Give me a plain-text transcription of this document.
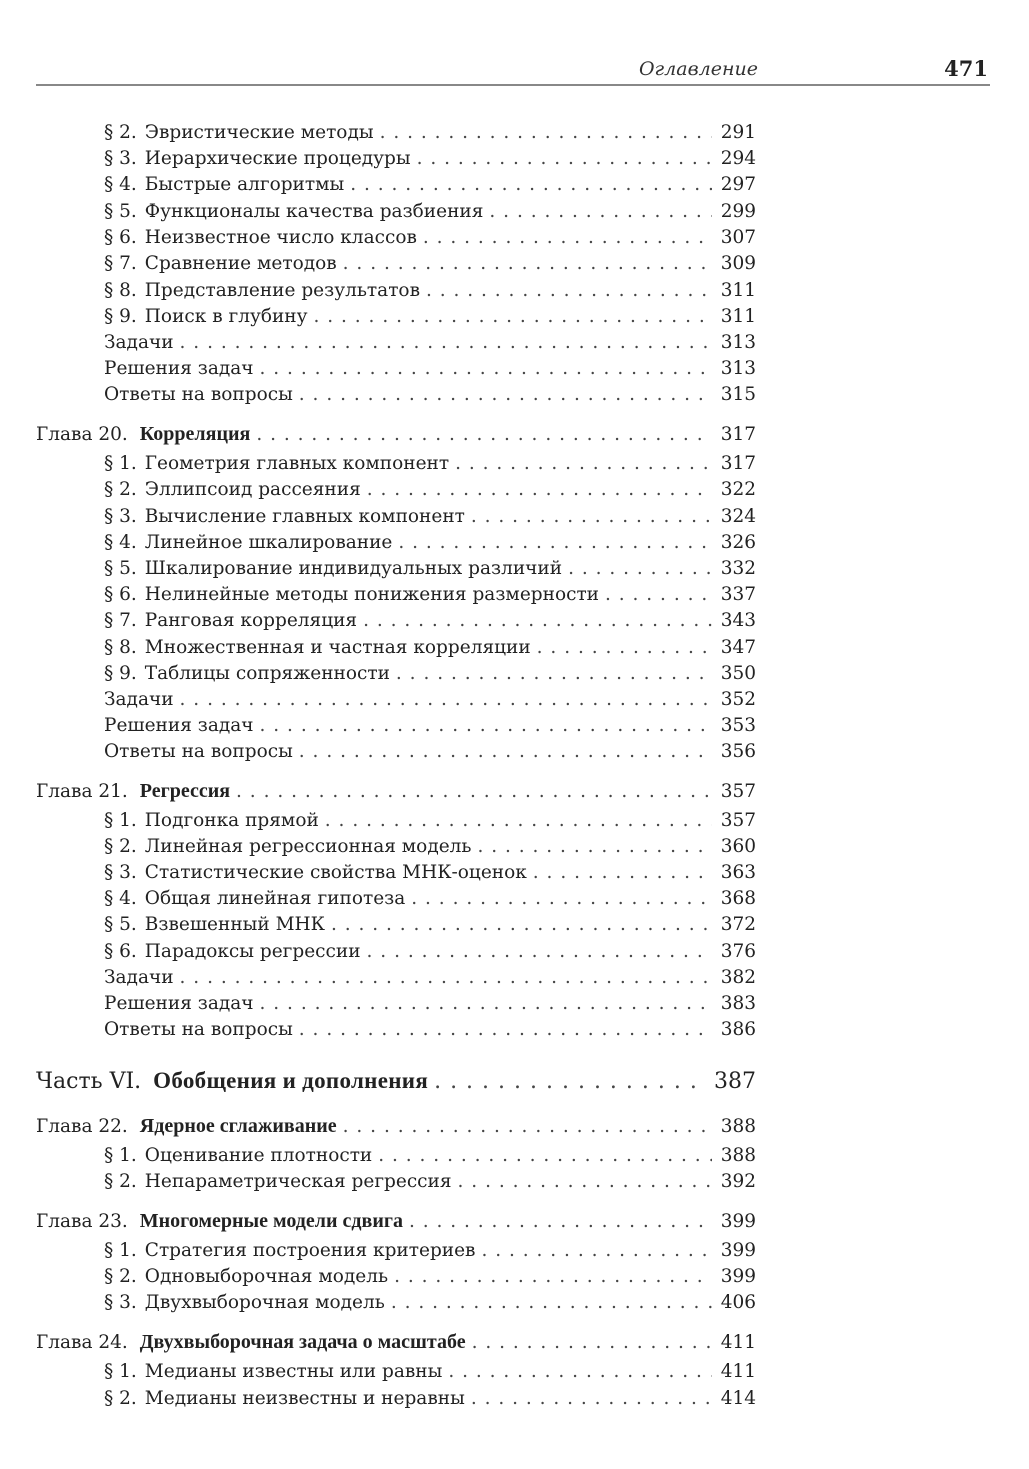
Оглавление	471
§ 2. Эвристические методы . . .	291
§ 3. Иерархические процедуры . . .	294
§ 4. Быстрые алгоритмы . . .	297
§ 5. Функционалы качества разбиения . . .	299
§ 6. Неизвестное число классов . . .	307
§ 7. Сравнение методов . . .	309
§ 8. Представление результатов . . .	311
§ 9. Поиск в глубину . . .	311
Задачи . . .	313
Решения задач . . .	313
Ответы на вопросы . . .	315
Глава 20. Корреляция . . .	317
§ 1. Геометрия главных компонент . . .	317
§ 2. Эллипсоид рассеяния . . .	322
§ 3. Вычисление главных компонент . . .	324
§ 4. Линейное шкалирование . . .	326
§ 5. Шкалирование индивидуальных различий . . .	332
§ 6. Нелинейные методы понижения размерности . . .	337
§ 7. Ранговая корреляция . . .	343
§ 8. Множественная и частная корреляции . . .	347
§ 9. Таблицы сопряженности . . .	350
Задачи . . .	352
Решения задач . . .	353
Ответы на вопросы . . .	356
Глава 21. Регрессия . . .	357
§ 1. Подгонка прямой . . .	357
§ 2. Линейная регрессионная модель . . .	360
§ 3. Статистические свойства МНК-оценок . . .	363
§ 4. Общая линейная гипотеза . . .	368
§ 5. Взвешенный МНК . . .	372
§ 6. Парадоксы регрессии . . .	376
Задачи . . .	382
Решения задач . . .	383
Ответы на вопросы . . .	386
Часть VI. Обобщения и дополнения . . .	387
Глава 22. Ядерное сглаживание . . .	388
§ 1. Оценивание плотности . . .	388
§ 2. Непараметрическая регрессия . . .	392
Глава 23. Многомерные модели сдвига . . .	399
§ 1. Стратегия построения критериев . . .	399
§ 2. Одновыборочная модель . . .	399
§ 3. Двухвыборочная модель . . .	406
Глава 24. Двухвыборочная задача о масштабе . . .	411
§ 1. Медианы известны или равны . . .	411
§ 2. Медианы неизвестны и неравны . . .	414
